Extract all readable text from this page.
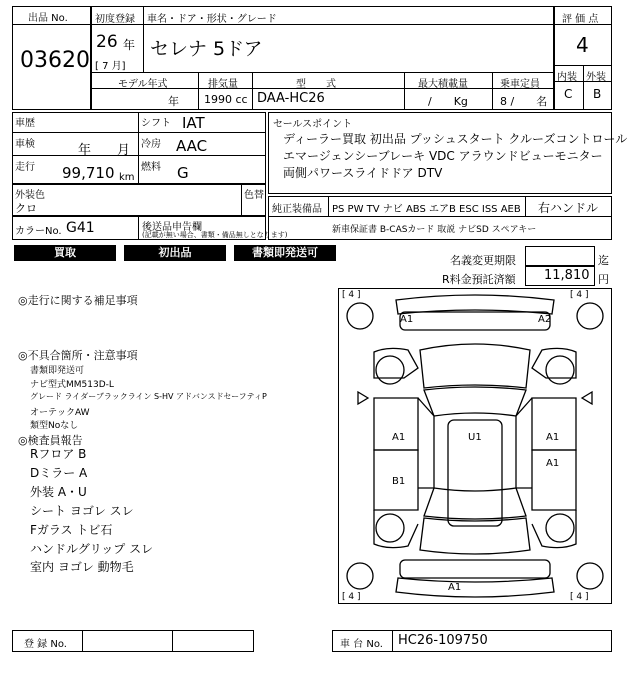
出品 No.
03620
初度登録 車名・ドア・形状・グレード
26 年
[ 7 月]
セレナ 5ドア
モデル年式	排気量	型　　式	最大積載量	乗車定員
年 1990 cc DAA-HC26	/　　Kg	8 /　　名
評 価 点
4
内装 外装
C B
車歴
車検	年　　月
走行 99,710 km
シフト IAT
冷房 AAC
燃料 G
セールスポイント
ディーラー買取 初出品 プッシュスタート クルーズコントロール
エマージェンシーブレーキ VDC アラウンドビューモニター
両側パワースライドドア DTV
外装色
クロ
色替
純正装備品 PS PW TV ナビ ABS エアB ESC ISS AEB 右ハンドル
新車保証書 B-CASカード 取説 ナビSD スペアキー
カラーNo. G41	後送品申告欄
(記載が無い場合、書類・備品無しとなります)
買取	初出品	書類即発送可
名義変更期限	迄
R料金預託済額 11,810 円
◎走行に関する補足事項
◎不具合箇所・注意事項
書類即発送可
ナビ型式MM513D-L
グレード ライダーブラックライン S-HV アドバンスドセーフティP
オーテックAW
類型Noなし
◎検査員報告
Rフロア B
Dミラー A
外装 A・U
シート ヨゴレ スレ
Fガラス トビ石
ハンドルグリップ スレ
室内 ヨゴレ 動物毛
[ 4 ]	[ 4 ]
[ 4 ]	[ 4 ]
A1	A2
A1	U1	A1
A1
B1
A1
登 録 No.	車 台 No. HC26-109750
